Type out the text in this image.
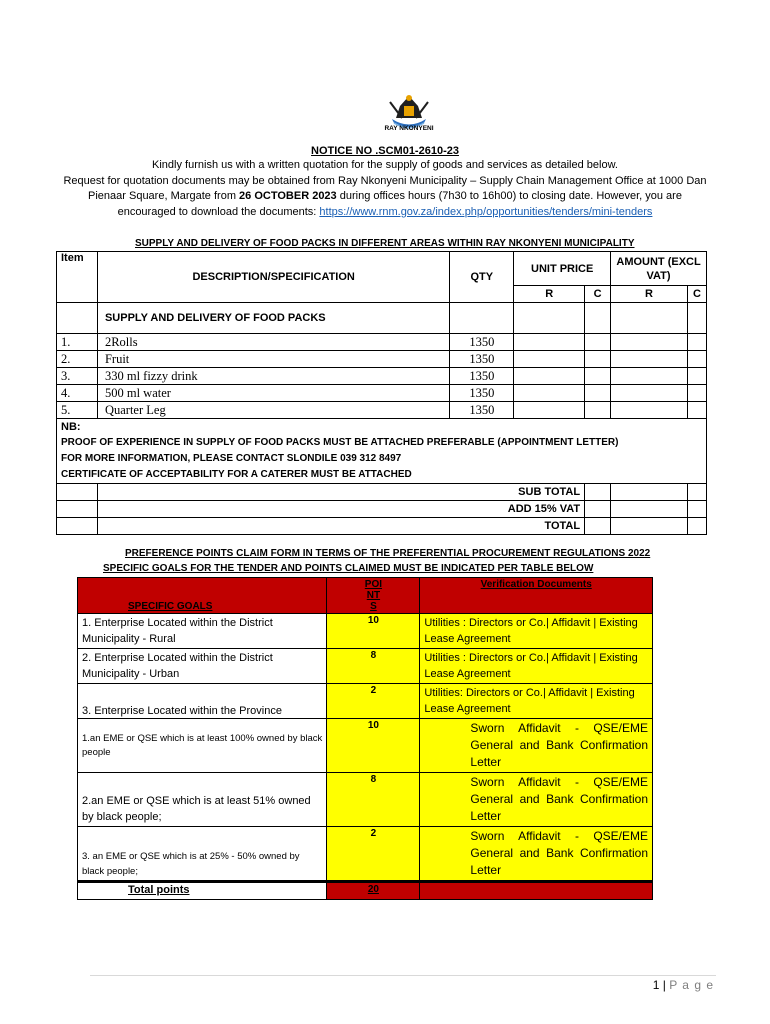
RAY NKONYENI
NOTICE NO .SCM01-2610-23
Kindly furnish us with a written quotation for the supply of goods and services as detailed below.
Request for quotation documents may be obtained from Ray Nkonyeni Municipality – Supply Chain Management Office at 1000 Dan
Pienaar Square, Margate from 26 OCTOBER 2023 during offices hours (7h30 to 16h00) to closing date. However, you are
encouraged to download the documents: https://www.rnm.gov.za/index.php/opportunities/tenders/mini-tenders
SUPPLY AND DELIVERY OF FOOD PACKS IN DIFFERENT AREAS WITHIN RAY NKONYENI MUNICIPALITY
Item	DESCRIPTION/SPECIFICATION	QTY	UNIT PRICE		AMOUNT (EXCL VAT)	
			R	C	R	C
	SUPPLY AND DELIVERY OF FOOD PACKS					
1.	2Rolls	1350				
2.	Fruit	1350				
3.	330 ml fizzy drink	1350				
4.	500 ml water	1350				
5.	Quarter Leg	1350				

NB:
PROOF OF EXPERIENCE IN SUPPLY OF FOOD PACKS MUST BE ATTACHED PREFERABLE (APPOINTMENT LETTER)
FOR MORE INFORMATION, PLEASE CONTACT SLONDILE 039 312 8497
CERTIFICATE OF ACCEPTABILITY FOR A CATERER MUST BE ATTACHED						

	SUB TOTAL					
	ADD 15% VAT					
	TOTAL					
PREFERENCE POINTS CLAIM FORM IN TERMS OF THE PREFERENTIAL PROCUREMENT REGULATIONS 2022
SPECIFIC GOALS FOR THE TENDER AND POINTS CLAIMED MUST BE INDICATED PER TABLE BELOW
SPECIFIC GOALS	POINTS	Verification Documents
1. Enterprise Located within the District Municipality - Rural	10	Utilities : Directors or Co.| Affidavit | Existing Lease Agreement
2. Enterprise Located within the District Municipality - Urban	8	Utilities : Directors or Co.| Affidavit | Existing Lease Agreement
3. Enterprise Located within the Province	2	Utilities: Directors or Co.| Affidavit | Existing Lease Agreement
1.an EME or QSE which is at least 100% owned by black people	10	Sworn Affidavit - QSE/EME General and Bank Confirmation Letter
2.an EME or QSE which is at least 51% owned by black people;	8	Sworn Affidavit - QSE/EME General and Bank Confirmation Letter
3. an EME or QSE which is at 25% - 50% owned by black people;	2	Sworn Affidavit - QSE/EME General and Bank Confirmation Letter
Total points	20	
1 | P a g e
